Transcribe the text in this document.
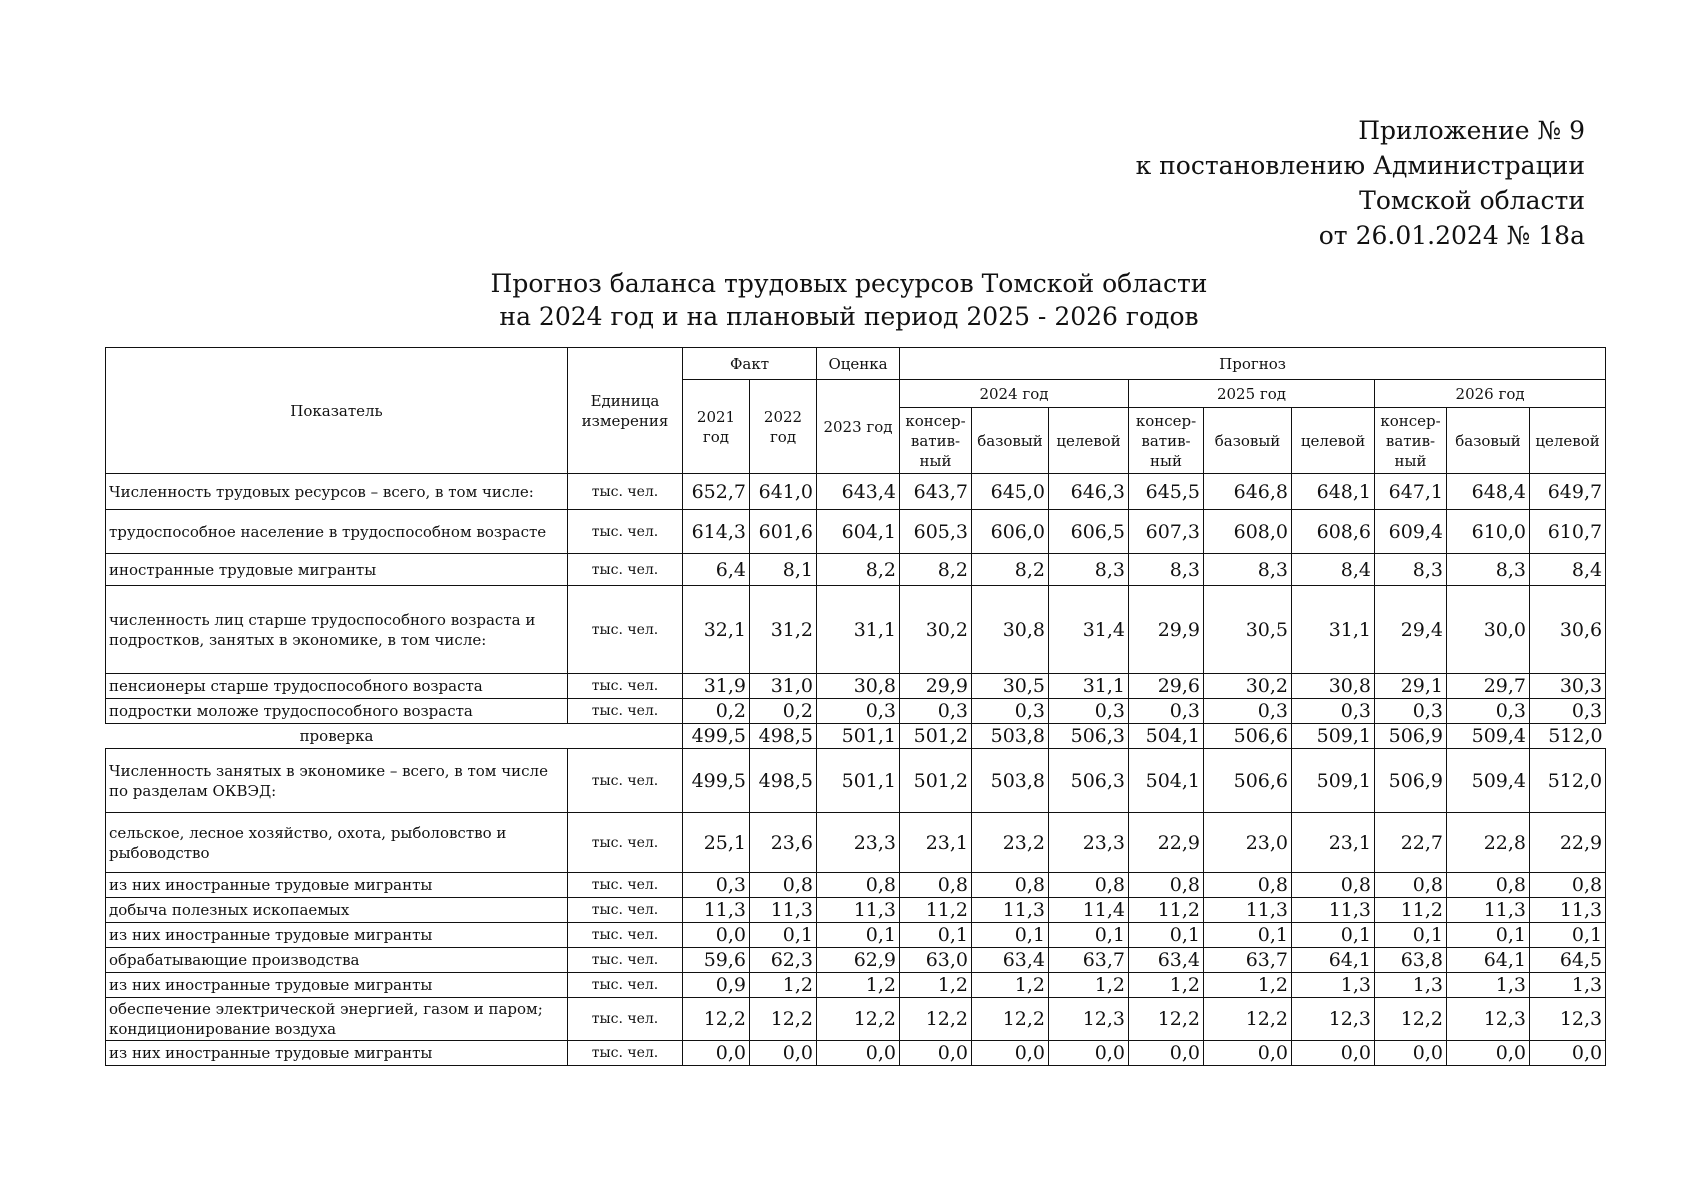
Приложение № 9
к постановлению Администрации
Томской области
от 26.01.2024 № 18а
Прогноз баланса трудовых ресурсов Томской области
на 2024 год и на плановый период 2025 - 2026 годов
Показатель	Единица измерения	Факт		Оценка	Прогноз								
		2021 год	2022 год	2023 год	2024 год			2025 год			2026 год		
					консер-ватив-ный	базовый	целевой	консер-ватив-ный	базовый	целевой	консер-ватив-ный	базовый	целевой
Численность трудовых ресурсов – всего, в том числе:	тыс. чел.	652,7	641,0	643,4	643,7	645,0	646,3	645,5	646,8	648,1	647,1	648,4	649,7
трудоспособное население в трудоспособном возрасте	тыс. чел.	614,3	601,6	604,1	605,3	606,0	606,5	607,3	608,0	608,6	609,4	610,0	610,7
иностранные трудовые мигранты	тыс. чел.	6,4	8,1	8,2	8,2	8,2	8,3	8,3	8,3	8,4	8,3	8,3	8,4
численность лиц старше трудоспособного возраста и подростков, занятых в экономике, в том числе:	тыс. чел.	32,1	31,2	31,1	30,2	30,8	31,4	29,9	30,5	31,1	29,4	30,0	30,6
пенсионеры старше трудоспособного возраста	тыс. чел.	31,9	31,0	30,8	29,9	30,5	31,1	29,6	30,2	30,8	29,1	29,7	30,3
подростки моложе трудоспособного возраста	тыс. чел.	0,2	0,2	0,3	0,3	0,3	0,3	0,3	0,3	0,3	0,3	0,3	0,3
проверка		499,5	498,5	501,1	501,2	503,8	506,3	504,1	506,6	509,1	506,9	509,4	512,0
Численность занятых в экономике – всего, в том числе по разделам ОКВЭД:	тыс. чел.	499,5	498,5	501,1	501,2	503,8	506,3	504,1	506,6	509,1	506,9	509,4	512,0
сельское, лесное хозяйство, охота, рыболовство и рыбоводство	тыс. чел.	25,1	23,6	23,3	23,1	23,2	23,3	22,9	23,0	23,1	22,7	22,8	22,9
из них иностранные трудовые мигранты	тыс. чел.	0,3	0,8	0,8	0,8	0,8	0,8	0,8	0,8	0,8	0,8	0,8	0,8
добыча полезных ископаемых	тыс. чел.	11,3	11,3	11,3	11,2	11,3	11,4	11,2	11,3	11,3	11,2	11,3	11,3
из них иностранные трудовые мигранты	тыс. чел.	0,0	0,1	0,1	0,1	0,1	0,1	0,1	0,1	0,1	0,1	0,1	0,1
обрабатывающие производства	тыс. чел.	59,6	62,3	62,9	63,0	63,4	63,7	63,4	63,7	64,1	63,8	64,1	64,5
из них иностранные трудовые мигранты	тыс. чел.	0,9	1,2	1,2	1,2	1,2	1,2	1,2	1,2	1,3	1,3	1,3	1,3
обеспечение электрической энергией, газом и паром; кондиционирование воздуха	тыс. чел.	12,2	12,2	12,2	12,2	12,2	12,3	12,2	12,2	12,3	12,2	12,3	12,3
из них иностранные трудовые мигранты	тыс. чел.	0,0	0,0	0,0	0,0	0,0	0,0	0,0	0,0	0,0	0,0	0,0	0,0
